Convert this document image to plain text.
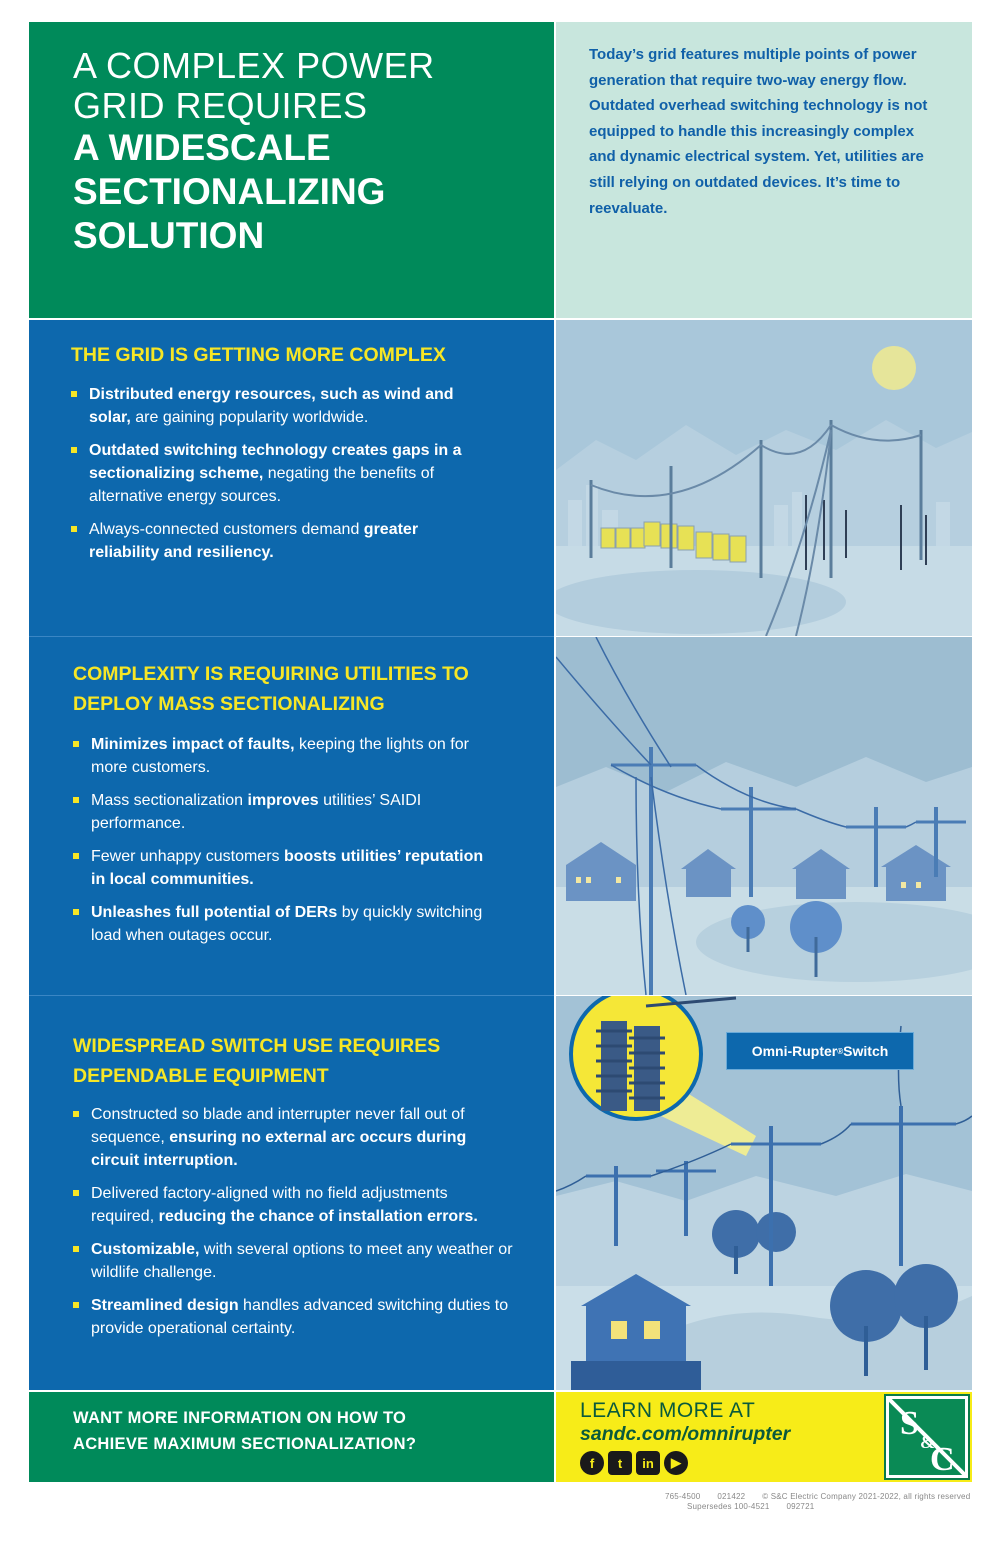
A COMPLEX POWER
GRID REQUIRES
A WIDESCALE
SECTIONALIZING
SOLUTION

Today’s grid features multiple points of power generation that require two-way energy flow. Outdated overhead switching technology is not equipped to handle this increasingly complex and dynamic electrical system. Yet, utilities are still relying on outdated devices. It’s time to reevaluate.

THE GRID IS GETTING MORE COMPLEX
Distributed energy resources, such as wind and solar, are gaining popularity worldwide.
Outdated switching technology creates gaps in a sectionalizing scheme, negating the benefits of alternative energy sources.
Always-connected customers demand greater reliability and resiliency.
COMPLEXITY IS REQUIRING UTILITIES TO
DEPLOY MASS SECTIONALIZING
Minimizes impact of faults, keeping the lights on for more customers.
Mass sectionalization improves utilities’ SAIDI performance.
Fewer unhappy customers boosts utilities’ reputation in local communities.
Unleashes full potential of DERs by quickly switching load when outages occur.
WIDESPREAD SWITCH USE REQUIRES
DEPENDABLE EQUIPMENT
Constructed so blade and interrupter never fall out of sequence, ensuring no external arc occurs during circuit interruption.
Delivered factory-aligned with no field adjustments required, reducing the chance of installation errors.
Customizable, with several options to meet any weather or wildlife challenge.
Streamlined design handles advanced switching duties to provide operational certainty.
Omni-Rupter ® Switch
WANT MORE INFORMATION ON HOW TO
ACHIEVE MAXIMUM SECTIONALIZATION?
LEARN MORE AT
sandc.com/omnirupter
f	t	in	▶
S &
C
765-4500       021422       © S&C Electric Company 2021-2022, all rights reserved
Supersedes 100-4521       092721
